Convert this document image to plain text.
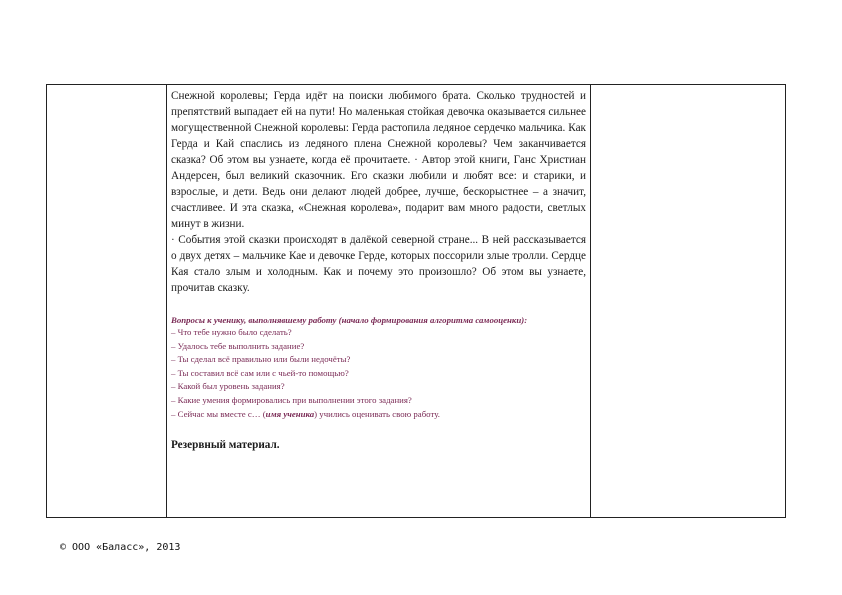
Снежной королевы; Герда идёт на поиски любимого брата. Сколько трудностей и препятствий выпадает ей на пути! Но маленькая стойкая девочка оказывается сильнее могущественной Снежной королевы: Герда растопила ледяное сердечко мальчика. Как Герда и Кай спаслись из ледяного плена Снежной королевы? Чем заканчивается сказка? Об этом вы узнаете, когда её прочитаете. · Автор этой книги, Ганс Христиан Андерсен, был великий сказочник. Его сказки любили и любят все: и старики, и взрослые, и дети. Ведь они делают людей добрее, лучше, бескорыстнее – а значит, счастливее. И эта сказка, «Снежная королева», подарит вам много радости, светлых минут в жизни.

· События этой сказки происходят в далёкой северной стране... В ней рассказывается о двух детях – мальчике Кае и девочке Герде, которых поссорили злые тролли. Сердце Кая стало злым и холодным. Как и почему это произошло? Об этом вы узнаете, прочитав сказку.

Вопросы к ученику, выполнявшему работу (начало формирования алгоритма самооценки):

– Что тебе нужно было сделать?

– Удалось тебе выполнить задание?

– Ты сделал всё правильно или были недочёты?

– Ты составил всё сам или с чьей-то помощью?

– Какой был уровень задания?

– Какие умения формировались при выполнении этого задания?

– Сейчас мы вместе с… (имя ученика) учились оценивать свою работу.

Резервный материал.
© ООО «Баласс», 2013
